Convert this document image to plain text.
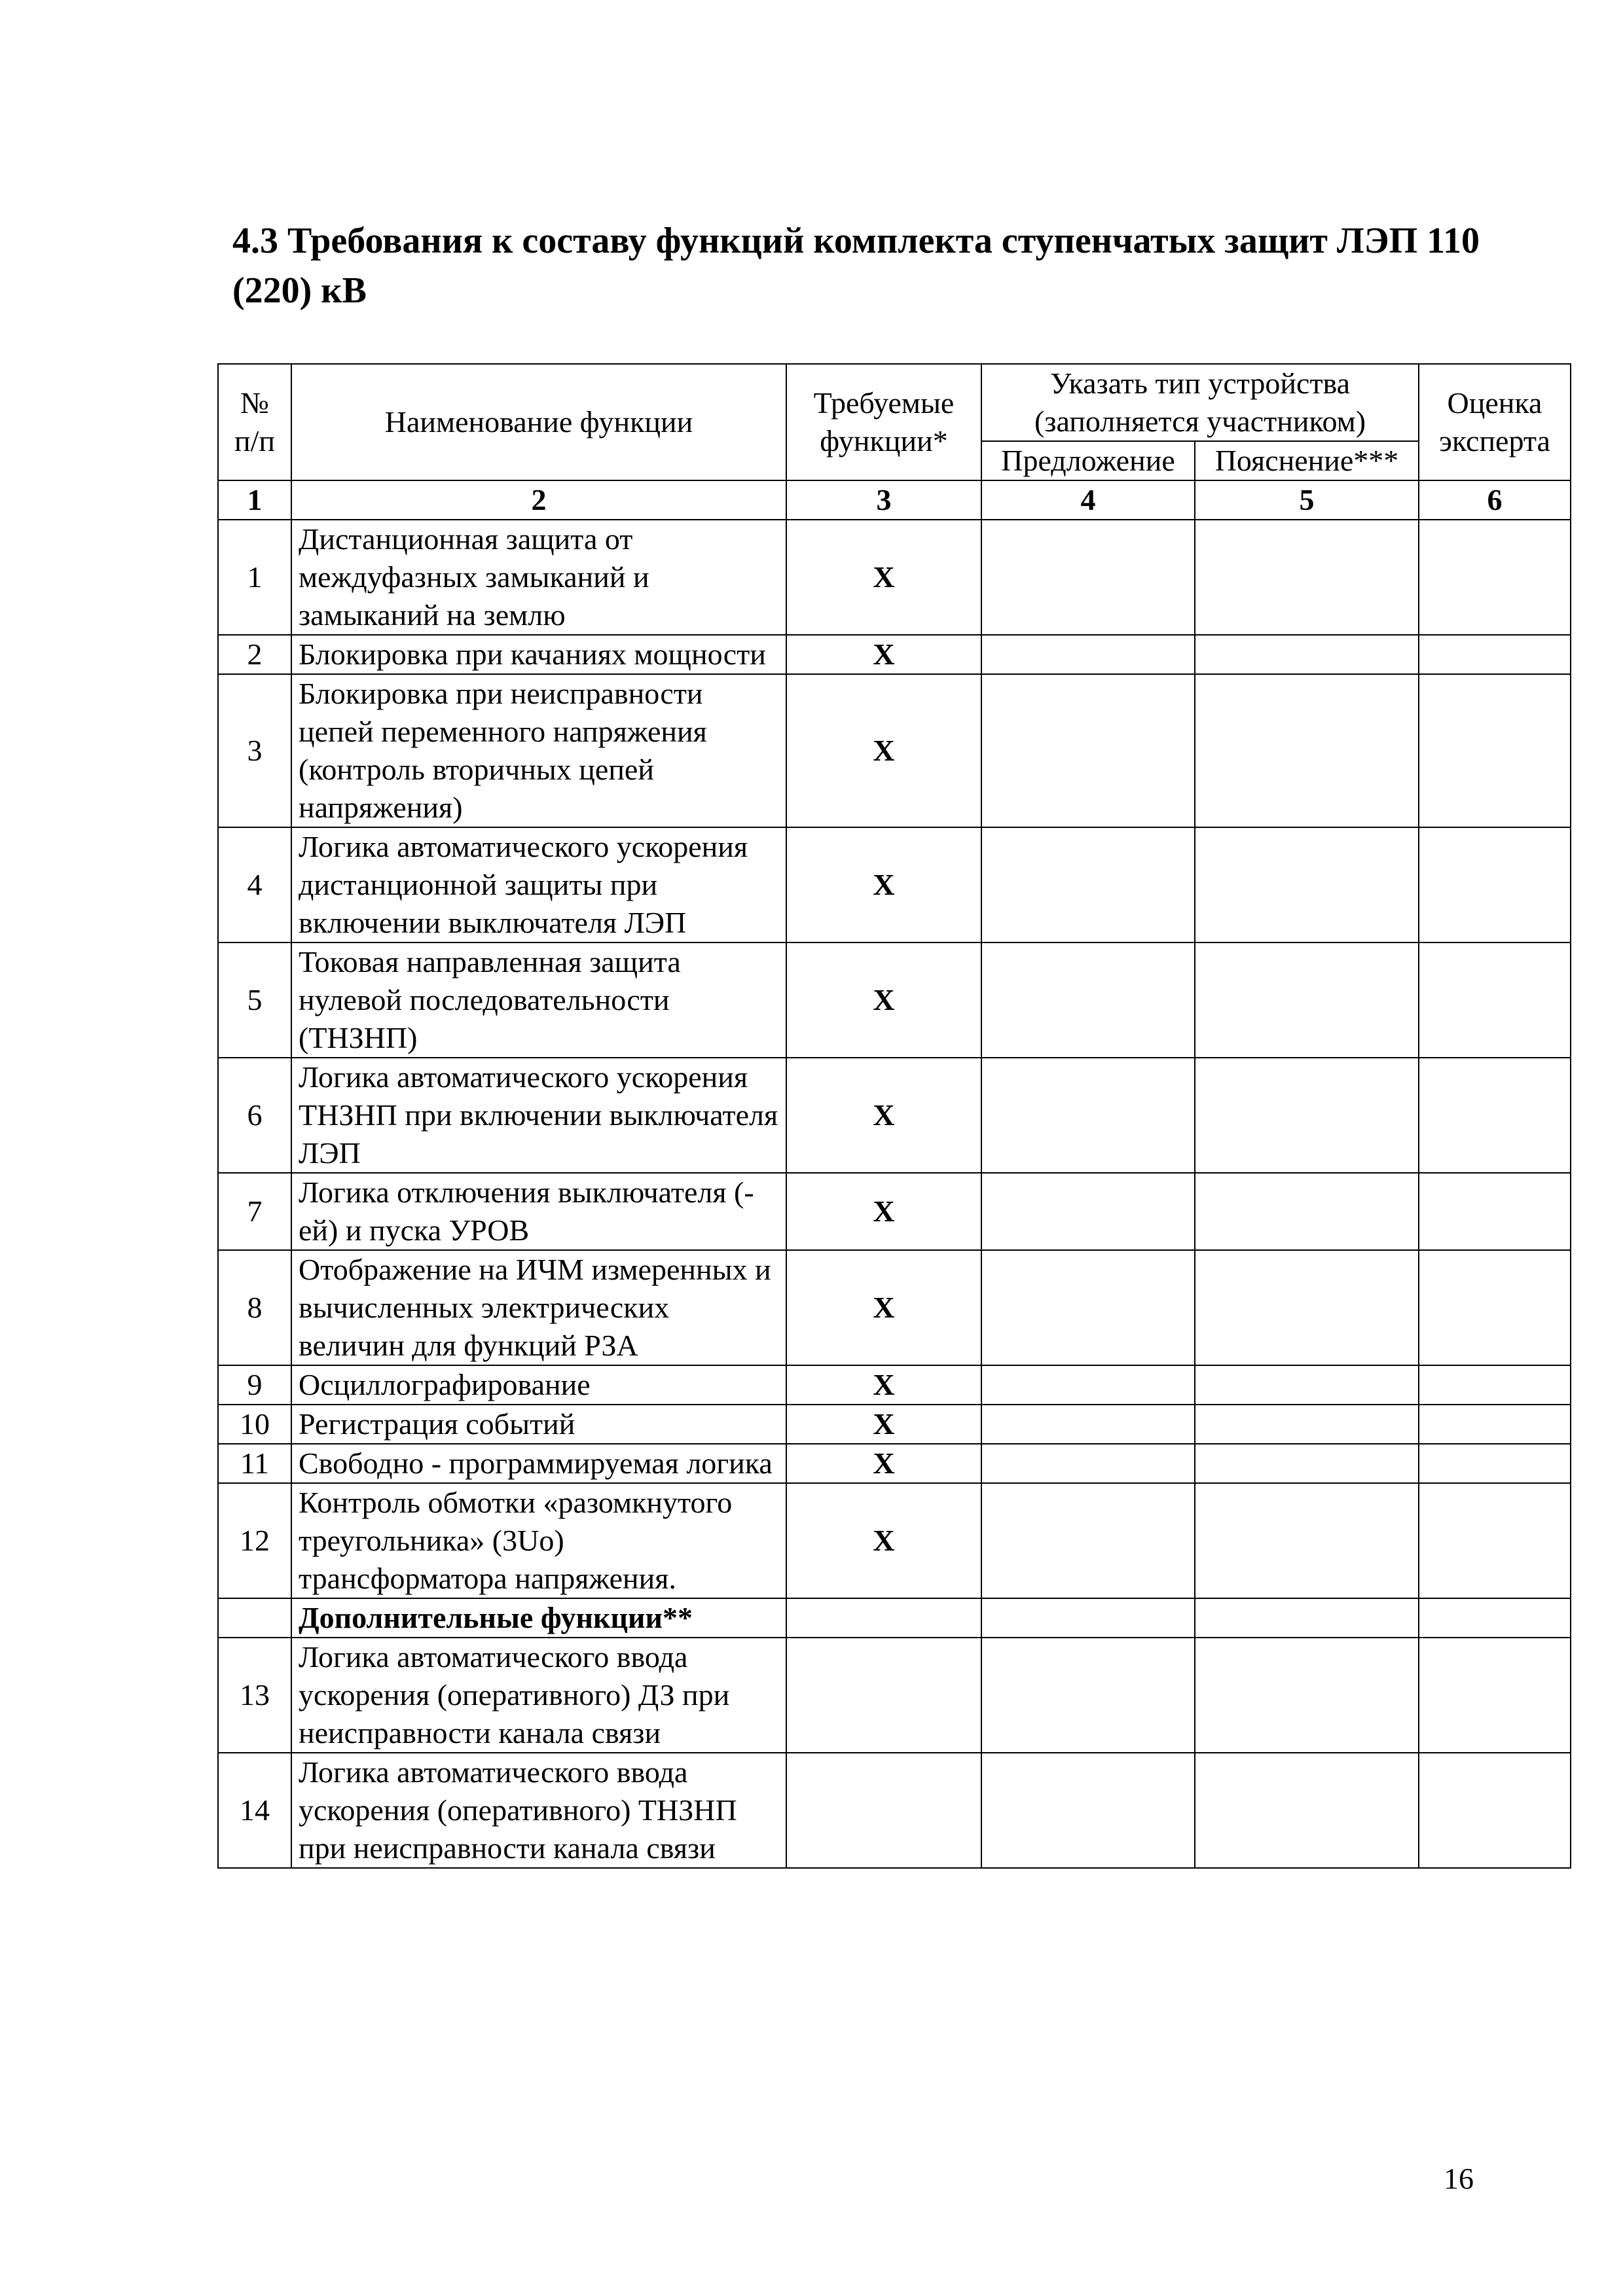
4.3 Требования к составу функций комплекта ступенчатых защит ЛЭП 110 (220) кВ
№ п/п	Наименование функции	Требуемые функции*	Указать тип устройства (заполняется участником)		Оценка эксперта
			Предложение	Пояснение***	
1	2	3	4	5	6
1	Дистанционная защита от междуфазных замыканий и замыканий на землю	Х			
2	Блокировка при качаниях мощности	Х			
3	Блокировка при неисправности цепей переменного напряжения (контроль вторичных цепей напряжения)	Х			
4	Логика автоматического ускорения дистанционной защиты при включении выключателя ЛЭП	Х			
5	Токовая направленная защита нулевой последовательности (ТНЗНП)	Х			
6	Логика автоматического ускорения ТНЗНП при включении выключателя ЛЭП	Х			
7	Логика отключения выключателя (-ей) и пуска УРОВ	Х			
8	Отображение на ИЧМ измеренных и вычисленных электрических величин для функций РЗА	Х			
9	Осциллографирование	Х			
10	Регистрация событий	Х			
11	Свободно - программируемая логика	Х			
12	Контроль обмотки «разомкнутого треугольника» (3Uо) трансформатора напряжения.	Х			
	Дополнительные функции**				
13	Логика автоматического ввода ускорения (оперативного) ДЗ при неисправности канала связи				
14	Логика автоматического ввода ускорения (оперативного) ТНЗНП при неисправности канала связи				
16
